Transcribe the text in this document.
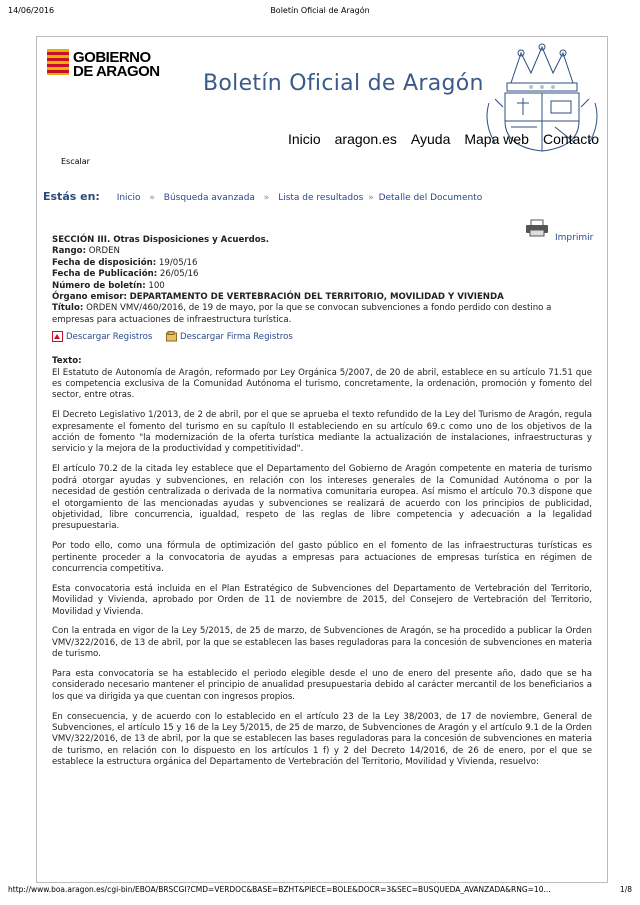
14/06/2016	Boletín Oficial de Aragón
GOBIERNO
DE ARAGON Boletín Oficial de Aragón
Inicio aragon.es Ayuda Mapa web Contacto
Escalar
Estás en: Inicio » Búsqueda avanzada » Lista de resultados » Detalle del Documento
Imprimir

SECCIÓN III. Otras Disposiciones y Acuerdos.

Rango: ORDEN

Fecha de disposición: 19/05/16

Fecha de Publicación: 26/05/16

Número de boletín: 100

Órgano emisor: DEPARTAMENTO DE VERTEBRACIÓN DEL TERRITORIO, MOVILIDAD Y VIVIENDA

Título: ORDEN VMV/460/2016, de 19 de mayo, por la que se convocan subvenciones a fondo perdido con destino a empresas para actuaciones de infraestructura turística.

Descargar Registros	Descargar Firma Registros

Texto:

El Estatuto de Autonomía de Aragón, reformado por Ley Orgánica 5/2007, de 20 de abril, establece en su artículo 71.51 que es competencia exclusiva de la Comunidad Autónoma el turismo, concretamente, la ordenación, promoción y fomento del sector, entre otras.

El Decreto Legislativo 1/2013, de 2 de abril, por el que se aprueba el texto refundido de la Ley del Turismo de Aragón, regula expresamente el fomento del turismo en su capítulo II estableciendo en su artículo 69.c como uno de los objetivos de la acción de fomento "la modernización de la oferta turística mediante la actualización de instalaciones, infraestructuras y servicio y la mejora de la productividad y competitividad".

El artículo 70.2 de la citada ley establece que el Departamento del Gobierno de Aragón competente en materia de turismo podrá otorgar ayudas y subvenciones, en relación con los intereses generales de la Comunidad Autónoma o por la necesidad de gestión centralizada o derivada de la normativa comunitaria europea. Así mismo el artículo 70.3 dispone que el otorgamiento de las mencionadas ayudas y subvenciones se realizará de acuerdo con los principios de publicidad, objetividad, libre concurrencia, igualdad, respeto de las reglas de libre competencia y adecuación a la legalidad presupuestaria.

Por todo ello, como una fórmula de optimización del gasto público en el fomento de las infraestructuras turísticas es pertinente proceder a la convocatoria de ayudas a empresas para actuaciones de empresas turística en régimen de concurrencia competitiva.

Esta convocatoria está incluida en el Plan Estratégico de Subvenciones del Departamento de Vertebración del Territorio, Movilidad y Vivienda, aprobado por Orden de 11 de noviembre de 2015, del Consejero de Vertebración del Territorio, Movilidad y Vivienda.

Con la entrada en vigor de la Ley 5/2015, de 25 de marzo, de Subvenciones de Aragón, se ha procedido a publicar la Orden VMV/322/2016, de 13 de abril, por la que se establecen las bases reguladoras para la concesión de subvenciones en materia de turismo.

Para esta convocatoria se ha establecido el periodo elegible desde el uno de enero del presente año, dado que se ha considerado necesario mantener el principio de anualidad presupuestaria debido al carácter mercantil de los beneficiarios a los que va dirigida ya que cuentan con ingresos propios.

En consecuencia, y de acuerdo con lo establecido en el artículo 23 de la Ley 38/2003, de 17 de noviembre, General de Subvenciones, el artículo 15 y 16 de la Ley 5/2015, de 25 de marzo, de Subvenciones de Aragón y el artículo 9.1 de la Orden VMV/322/2016, de 13 de abril, por la que se establecen las bases reguladoras para la concesión de subvenciones en materia de turismo, en relación con lo dispuesto en los artículos 1 f) y 2 del Decreto 14/2016, de 26 de enero, por el que se establece la estructura orgánica del Departamento de Vertebración del Territorio, Movilidad y Vivienda, resuelvo:

http://www.boa.aragon.es/cgi-bin/EBOA/BRSCGI?CMD=VERDOC&BASE=BZHT&PIECE=BOLE&DOCR=3&SEC=BUSQUEDA_AVANZADA&RNG=10...	1/8
